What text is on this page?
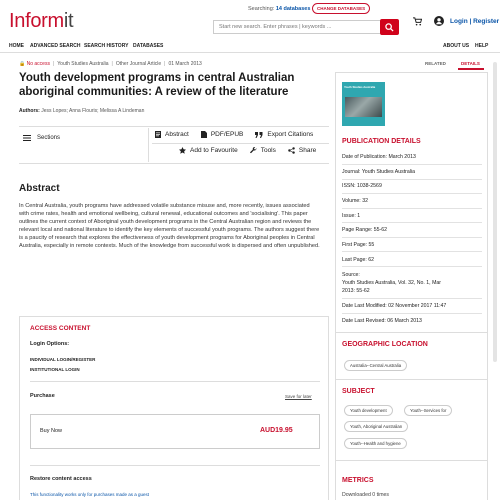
Informit
Searching: 14 databases	CHANGE DATABASES
Start new search. Enter phrases | keywords ...
Login | Register
HOME ADVANCED SEARCH SEARCH HISTORY DATABASES	ABOUT US HELP
🔒 No access | Youth Studies Australia | Other Journal Article | 01 March 2013
Youth development programs in central Australian aboriginal communities: A review of the literature
Authors: Jess Lopes; Anna Flouris; Melissa A Lindeman
Sections	Abstract	PDF/EPUB	Export Citations
Add to Favourite	Tools	Share
Abstract
In Central Australia, youth programs have addressed volatile substance misuse and, more recently, issues associated with crime rates, health and emotional wellbeing, cultural renewal, educational outcomes and 'socialising'. This paper outlines the current context of Aboriginal youth development programs in the Central Australian region and reviews the relevant local and national literature to identify the key elements of successful youth programs. The authors suggest there is a paucity of research that explores the effectiveness of youth development programs for Aboriginal peoples in Central Australia, especially in remote contexts. Much of the knowledge from successful work is dispersed and often unpublished.
ACCESS CONTENT
Login Options:
INDIVIDUAL LOGIN/REGISTER
INSTITUTIONAL LOGIN
Purchase	Save for later
Buy Now	AUD19.95
Restore content access
This functionality works only for purchases made as a guest
RELATED	DETAILS
Youth Studies Australia
PUBLICATION DETAILS
Date of Publication: March 2013
Journal: Youth Studies Australia
ISSN: 1038-2569
Volume: 32
Issue: 1
Page Range: 55-62
First Page: 55
Last Page: 62
Source:
Youth Studies Australia, Vol. 32, No. 1, Mar
2013: 55-62
Date Last Modified: 02 November 2017 11:47
Date Last Revised: 06 March 2013
GEOGRAPHIC LOCATION
Australia--Central Australia
SUBJECT
Youth development	Youth--Services for
Youth, Aboriginal Australian
Youth--Health and hygiene
METRICS
Downloaded 0 times
